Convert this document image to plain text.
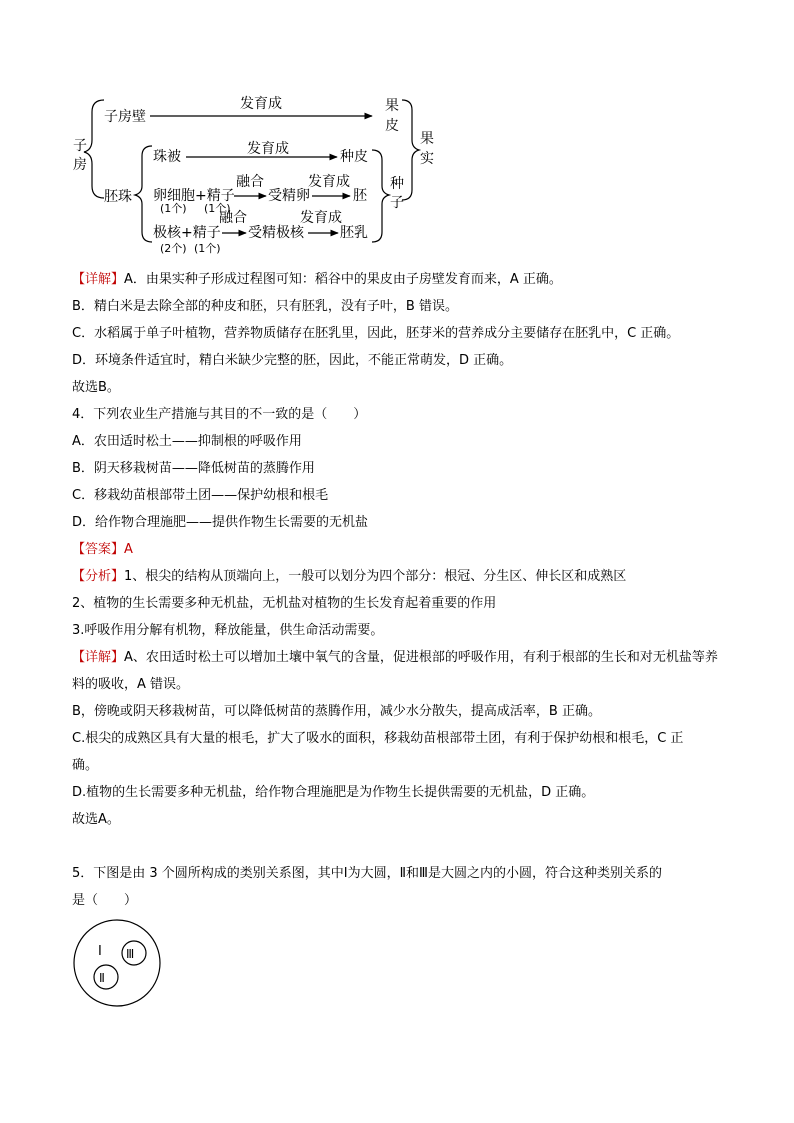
子
房
子房壁
发育成	果
皮
胚珠
珠被	发育成	种皮
卵细胞+精子
(1个) (1个)
融合
受精卵
发育成
胚
融合	发育成
极核+精子 受精极核	胚乳
(2个) (1个)
种
子
果
实
【详解】A．由果实种子形成过程图可知：稻谷中的果皮由子房壁发育而来，A 正确。
B．精白米是去除全部的种皮和胚，只有胚乳，没有子叶，B 错误。
C．水稻属于单子叶植物，营养物质储存在胚乳里，因此，胚芽米的营养成分主要储存在胚乳中，C 正确。
D．环境条件适宜时，精白米缺少完整的胚，因此，不能正常萌发，D 正确。
故选B。
4．下列农业生产措施与其目的不一致的是（　　）
A．农田适时松土——抑制根的呼吸作用
B．阴天移栽树苗——降低树苗的蒸腾作用
C．移栽幼苗根部带土团——保护幼根和根毛
D．给作物合理施肥——提供作物生长需要的无机盐
【答案】A
【分析】1、根尖的结构从顶端向上，一般可以划分为四个部分：根冠、分生区、伸长区和成熟区
2、植物的生长需要多种无机盐，无机盐对植物的生长发育起着重要的作用
3.呼吸作用分解有机物，释放能量，供生命活动需要。
【详解】A、农田适时松土可以增加土壤中氧气的含量，促进根部的呼吸作用，有利于根部的生长和对无机盐等养
料的吸收，A 错误。
B，傍晚或阴天移栽树苗，可以降低树苗的蒸腾作用，减少水分散失，提高成活率，B 正确。
C.根尖的成熟区具有大量的根毛，扩大了吸水的面积，移栽幼苗根部带土团，有利于保护幼根和根毛，C 正
确。
D.植物的生长需要多种无机盐，给作物合理施肥是为作物生长提供需要的无机盐，D 正确。
故选A。
5．下图是由 3 个圆所构成的类别关系图，其中Ⅰ为大圆，Ⅱ和Ⅲ是大圆之内的小圆，符合这种类别关系的
是（　　）
Ⅰ Ⅲ
Ⅱ
